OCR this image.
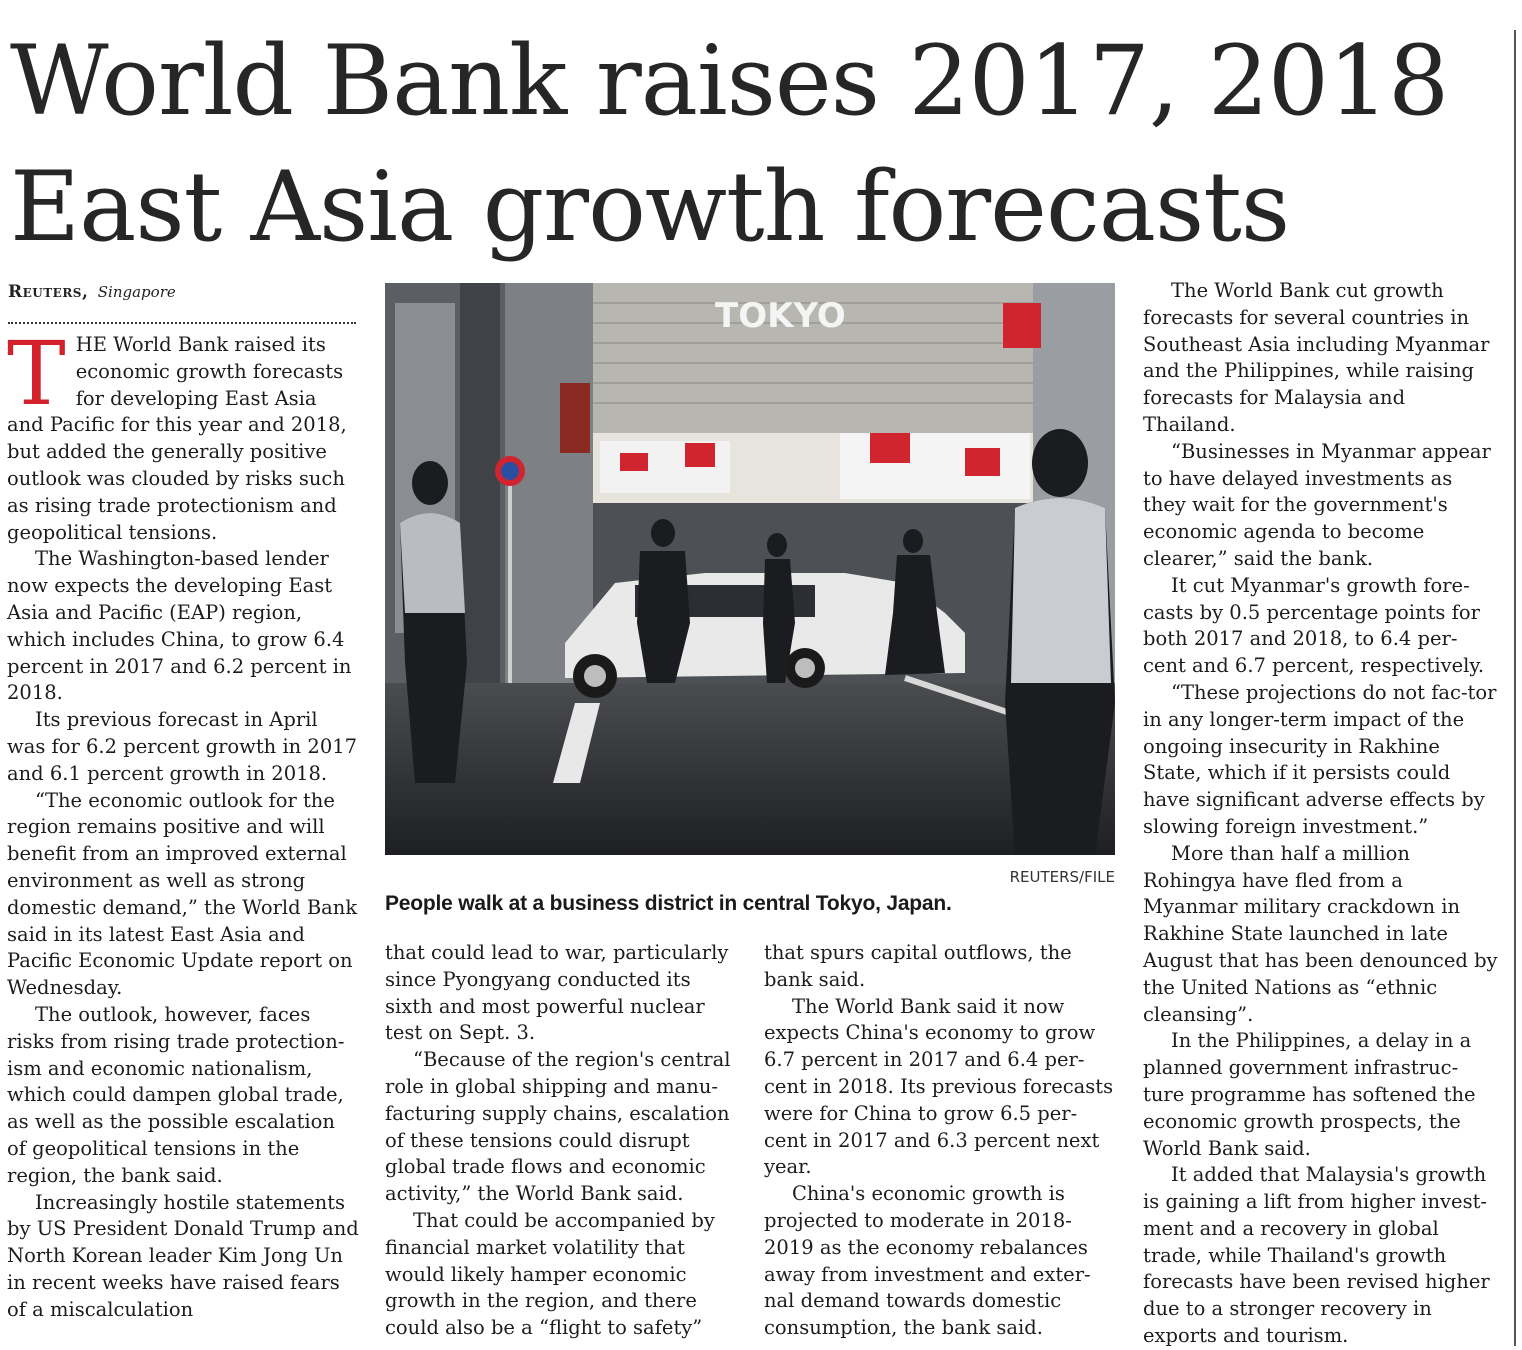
World Bank raises 2017, 2018 East Asia growth forecasts
Reuters, Singapore
T HE World Bank raised its economic growth forecasts for developing East Asia and Pacific for this year and 2018, but added the generally positive outlook was clouded by risks such as rising trade protectionism and geopolitical tensions.

The Washington-based lender now expects the developing East Asia and Pacific (EAP) region, which includes China, to grow 6.4 percent in 2017 and 6.2 percent in 2018.

Its previous forecast in April was for 6.2 percent growth in 2017 and 6.1 percent growth in 2018.

“The economic outlook for the region remains positive and will benefit from an improved external environment as well as strong domestic demand,” the World Bank said in its latest East Asia and Pacific Economic Update report on Wednesday.

The outlook, however, faces risks from rising trade protection-ism and economic nationalism, which could dampen global trade, as well as the possible escalation of geopolitical tensions in the region, the bank said.

Increasingly hostile statements by US President Donald Trump and North Korean leader Kim Jong Un in recent weeks have raised fears of a miscalculation

TOKYO
REUTERS/FILE
People walk at a business district in central Tokyo, Japan.

that could lead to war, particularly since Pyongyang conducted its sixth and most powerful nuclear test on Sept. 3.

“Because of the region's central role in global shipping and manu-facturing supply chains, escalation of these tensions could disrupt global trade flows and economic activity,” the World Bank said.

That could be accompanied by financial market volatility that would likely hamper economic growth in the region, and there could also be a “flight to safety”

that spurs capital outflows, the bank said.

The World Bank said it now expects China's economy to grow 6.7 percent in 2017 and 6.4 per-cent in 2018. Its previous forecasts were for China to grow 6.5 per-cent in 2017 and 6.3 percent next year.

China's economic growth is projected to moderate in 2018-2019 as the economy rebalances away from investment and exter-nal demand towards domestic consumption, the bank said.

The World Bank cut growth forecasts for several countries in Southeast Asia including Myanmar and the Philippines, while raising forecasts for Malaysia and Thailand.

“Businesses in Myanmar appear to have delayed investments as they wait for the government's economic agenda to become clearer,” said the bank.

It cut Myanmar's growth fore-casts by 0.5 percentage points for both 2017 and 2018, to 6.4 per-cent and 6.7 percent, respectively.

“These projections do not fac-tor in any longer-term impact of the ongoing insecurity in Rakhine State, which if it persists could have significant adverse effects by slowing foreign investment.”

More than half a million Rohingya have fled from a Myanmar military crackdown in Rakhine State launched in late August that has been denounced by the United Nations as “ethnic cleansing”.

In the Philippines, a delay in a planned government infrastruc-ture programme has softened the economic growth prospects, the World Bank said.

It added that Malaysia's growth is gaining a lift from higher invest-ment and a recovery in global trade, while Thailand's growth forecasts have been revised higher due to a stronger recovery in exports and tourism.
